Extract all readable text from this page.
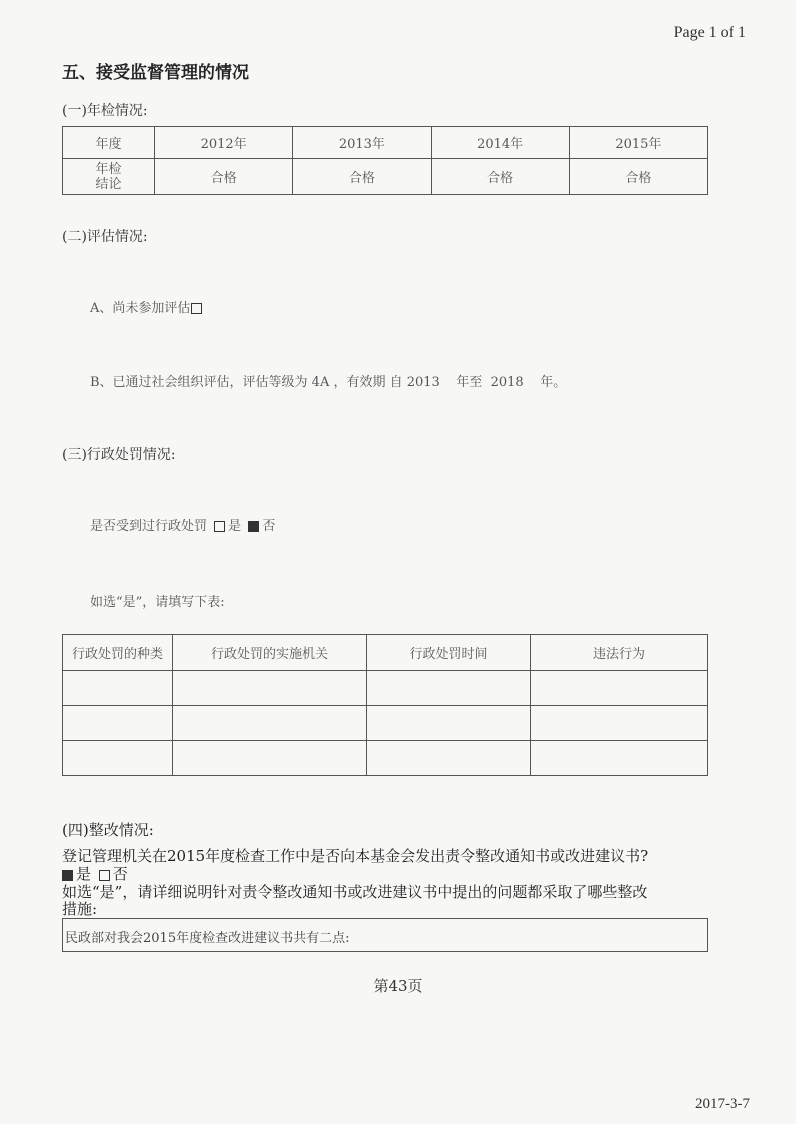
Page 1 of 1
五、接受监督管理的情况
(一)年检情况:
年度	2012年	2013年	2014年	2015年
年检
结论	合格	合格	合格	合格
(二)评估情况:
A、尚未参加评估
B、已通过社会组织评估，评估等级为 4A ，有效期 自 2013    年至  2018    年。
(三)行政处罚情况:
是否受到过行政处罚 是 否
如选“是”，请填写下表:
行政处罚的种类	行政处罚的实施机关	行政处罚时间	违法行为

(四)整改情况:
登记管理机关在2015年度检查工作中是否向本基金会发出责令整改通知书或改进建议书?
是 否
如选“是”，请详细说明针对责令整改通知书或改进建议书中提出的问题都采取了哪些整改
措施:
民政部对我会2015年度检查改进建议书共有二点:
第43页
2017-3-7
